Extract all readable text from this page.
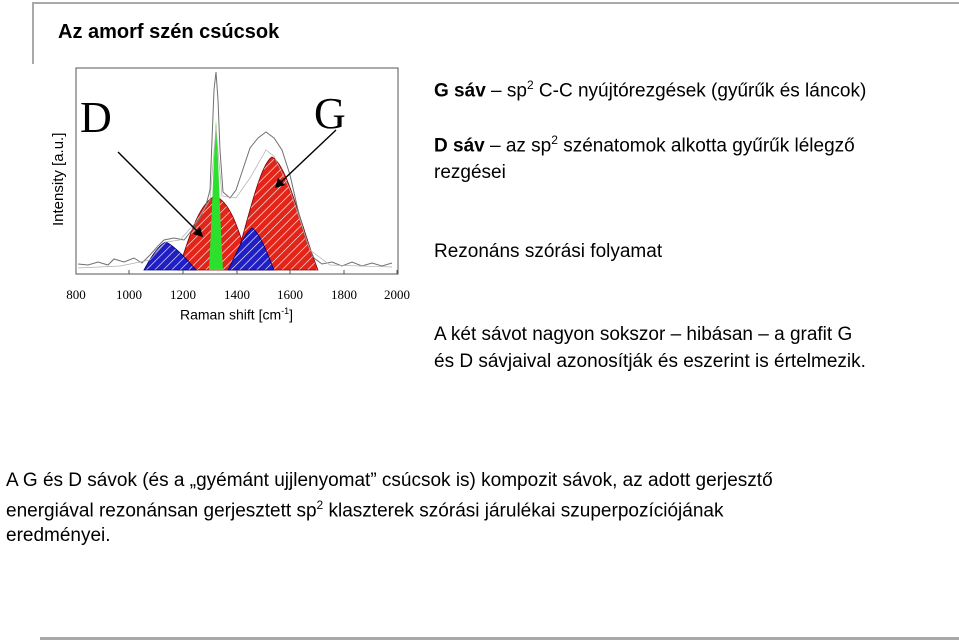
Az amorf szén csúcsok
D	G
Intensity [a.u.]
800 1000 1200 1400 1600 1800 2000
Raman shift $[cm^{-1}]$
G sáv – $sp^2$ C-C nyújtórezgések (gyűrűk és láncok)
D sáv – az $sp^2$ szénatomok alkotta gyűrűk lélegző
rezgései
Rezonáns szórási folyamat
A két sávot nagyon sokszor – hibásan – a grafit G
és D sávjaival azonosítják és eszerint is értelmezik.
A G és D sávok (és a „gyémánt ujjlenyomat” csúcsok is) kompozit sávok, az adott gerjesztő
energiával rezonánsan gerjesztett $sp^2$ klaszterek szórási járulékai szuperpozíciójának
eredményei.
